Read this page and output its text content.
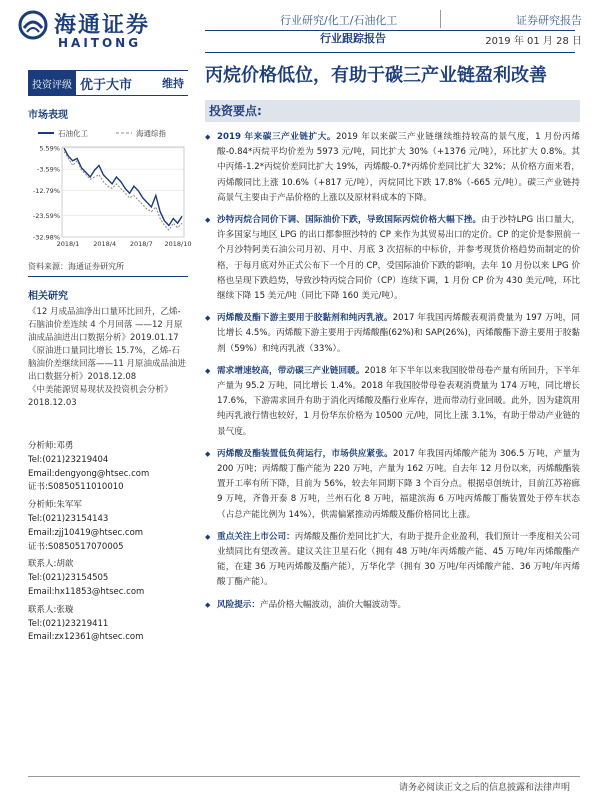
海通证券
HAITONG
行业研究/化工/石油化工	证券研究报告
行业跟踪报告	2019 年 01 月 28 日
投资评级 优于大市	维持
市场表现
石油化工	海通综指
5.59%
-3.59%
-12.79%
-23.59%
-32.98%
2018/1 2018/4 2018/7 2018/10
资料来源：海通证券研究所
相关研究
《12 月成品油净出口量环比回升，乙烯-石脑油价差连续 4 个月回落 ——12 月原油成品油进出口数据分析》2019.01.17
《原油进口量同比增长 15.7%，乙烯-石脑油价差继续回落——11 月原油成品油进出口数据分析》2018.12.08
《中美能源贸易现状及投资机会分析》2018.12.03
分析师:邓勇
Tel:(021)23219404
Email:dengyong@htsec.com
证书:S0850511010010
分析师:朱军军
Tel:(021)23154143
Email:zjj10419@htsec.com
证书:S0850517070005
联系人:胡歆
Tel:(021)23154505
Email:hx11853@htsec.com
联系人:张璇
Tel:(021)23219411
Email:zx12361@htsec.com
丙烷价格低位，有助于碳三产业链盈利改善
投资要点:
◆ 2019 年来碳三产业链扩大。2019 年以来碳三产业链继续维持较高的景气度，1 月份丙烯酸-0.84*丙烷平均价差为 5973 元/吨，同比扩大 30%（+1376 元/吨），环比扩大 0.8%。其中丙烯-1.2*丙烷价差同比扩大 19%，丙烯酸-0.7*丙烯价差同比扩大 32%；从价格方面来看，丙烯酸同比上涨 10.6%（+817 元/吨），丙烷同比下跌 17.8%（-665 元/吨）。碳三产业链持高景气主要由于产品价格的上涨以及原材料成本的下降。
◆ 沙特丙烷合同价下调、国际油价下跌，导致国际丙烷价格大幅下挫。由于沙特LPG 出口量大，许多国家与地区 LPG 的出口都参照沙特的 CP 来作为其贸易出口的定价。CP 的定价是参照前一个月沙特阿美石油公司月初、月中、月底 3 次招标的中标价，并参考现货价格趋势而制定的价格，于每月底对外正式公布下一个月的 CP，受国际油价下跌的影响，去年 10 月份以来 LPG 价格也呈现下跌趋势，导致沙特丙烷合同价（CP）连续下调，1 月份 CP 价为 430 美元/吨，环比继续下降 15 美元/吨（同比下降 160 美元/吨）。
◆ 丙烯酸及酯下游主要用于胶黏剂和纯丙乳液。2017 年我国丙烯酸表观消费量为 197 万吨，同比增长 4.5%。丙烯酸下游主要用于丙烯酸酯(62%)和 SAP(26%)，丙烯酸酯下游主要用于胶黏剂（59%）和纯丙乳液（33%）。
◆ 需求增速较高，带动碳三产业链回暖。2018 年下半年以来我国胶带母卷产量有所回升，下半年产量为 95.2 万吨，同比增长 1.4%。2018 年我国胶带母卷表观消费量为 174 万吨，同比增长 17.6%，下游需求回升有助于消化丙烯酸及酯行业库存，进而带动行业回暖。此外，因为建筑用纯丙乳液行情也较好，1 月份华东价格为 10500 元/吨，同比上涨 3.1%，有助于带动产业链的景气度。
◆ 丙烯酸及酯装置低负荷运行，市场供应紧张。2017 年我国丙烯酸产能为 306.5 万吨，产量为 200 万吨；丙烯酸丁酯产能为 220 万吨，产量为 162 万吨。自去年 12 月份以来，丙烯酸酯装置开工率有所下降，目前为 56%，较去年同期下降 3 个百分点。根据卓创统计，目前江苏裕廊 9 万吨，齐鲁开泰 8 万吨，兰州石化 8 万吨，福建滨海 6 万吨丙烯酸丁酯装置处于停车状态（占总产能比例为 14%），供需偏紧推动丙烯酸及酯价格同比上涨。
◆ 重点关注上市公司：丙烯酸及酯价差同比扩大，有助于提升企业盈利，我们预计一季度相关公司业绩同比有望改善。建议关注卫星石化（拥有 48 万吨/年丙烯酸产能、45 万吨/年丙烯酸酯产能，在建 36 万吨丙烯酸及酯产能），万华化学（拥有 30 万吨/年丙烯酸产能、36 万吨/年丙烯酸丁酯产能）。
◆ 风险提示：产品价格大幅波动，油价大幅波动等。
请务必阅读正文之后的信息披露和法律声明
